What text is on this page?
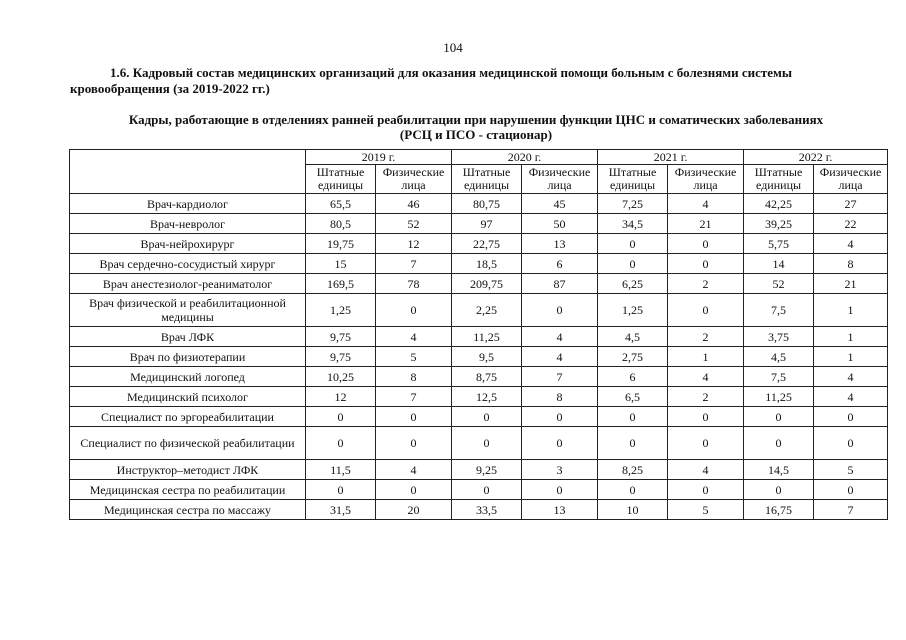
104
1.6. Кадровый состав медицинских организаций для оказания медицинской помощи больным с болезнями системы кровообращения (за 2019-2022 гг.)
Кадры, работающие в отделениях ранней реабилитации при нарушении функции ЦНС и соматических заболеваниях
(РСЦ и ПСО - стационар)
	2019 г.		2020 г.		2021 г.		2022 г.	
	Штатные единицы	Физические лица	Штатные единицы	Физические лица	Штатные единицы	Физические лица	Штатные единицы	Физические лица
Врач-кардиолог	65,5	46	80,75	45	7,25	4	42,25	27
Врач-невролог	80,5	52	97	50	34,5	21	39,25	22
Врач-нейрохирург	19,75	12	22,75	13	0	0	5,75	4
Врач сердечно-сосудистый хирург	15	7	18,5	6	0	0	14	8
Врач анестезиолог-реаниматолог	169,5	78	209,75	87	6,25	2	52	21
Врач физической и реабилитационной медицины	1,25	0	2,25	0	1,25	0	7,5	1
Врач ЛФК	9,75	4	11,25	4	4,5	2	3,75	1
Врач по физиотерапии	9,75	5	9,5	4	2,75	1	4,5	1
Медицинский логопед	10,25	8	8,75	7	6	4	7,5	4
Медицинский психолог	12	7	12,5	8	6,5	2	11,25	4
Специалист по эргореабилитации	0	0	0	0	0	0	0	0
Специалист по физической реабилитации	0	0	0	0	0	0	0	0
Инструктор–методист ЛФК	11,5	4	9,25	3	8,25	4	14,5	5
Медицинская сестра по реабилитации	0	0	0	0	0	0	0	0
Медицинская сестра по массажу	31,5	20	33,5	13	10	5	16,75	7
